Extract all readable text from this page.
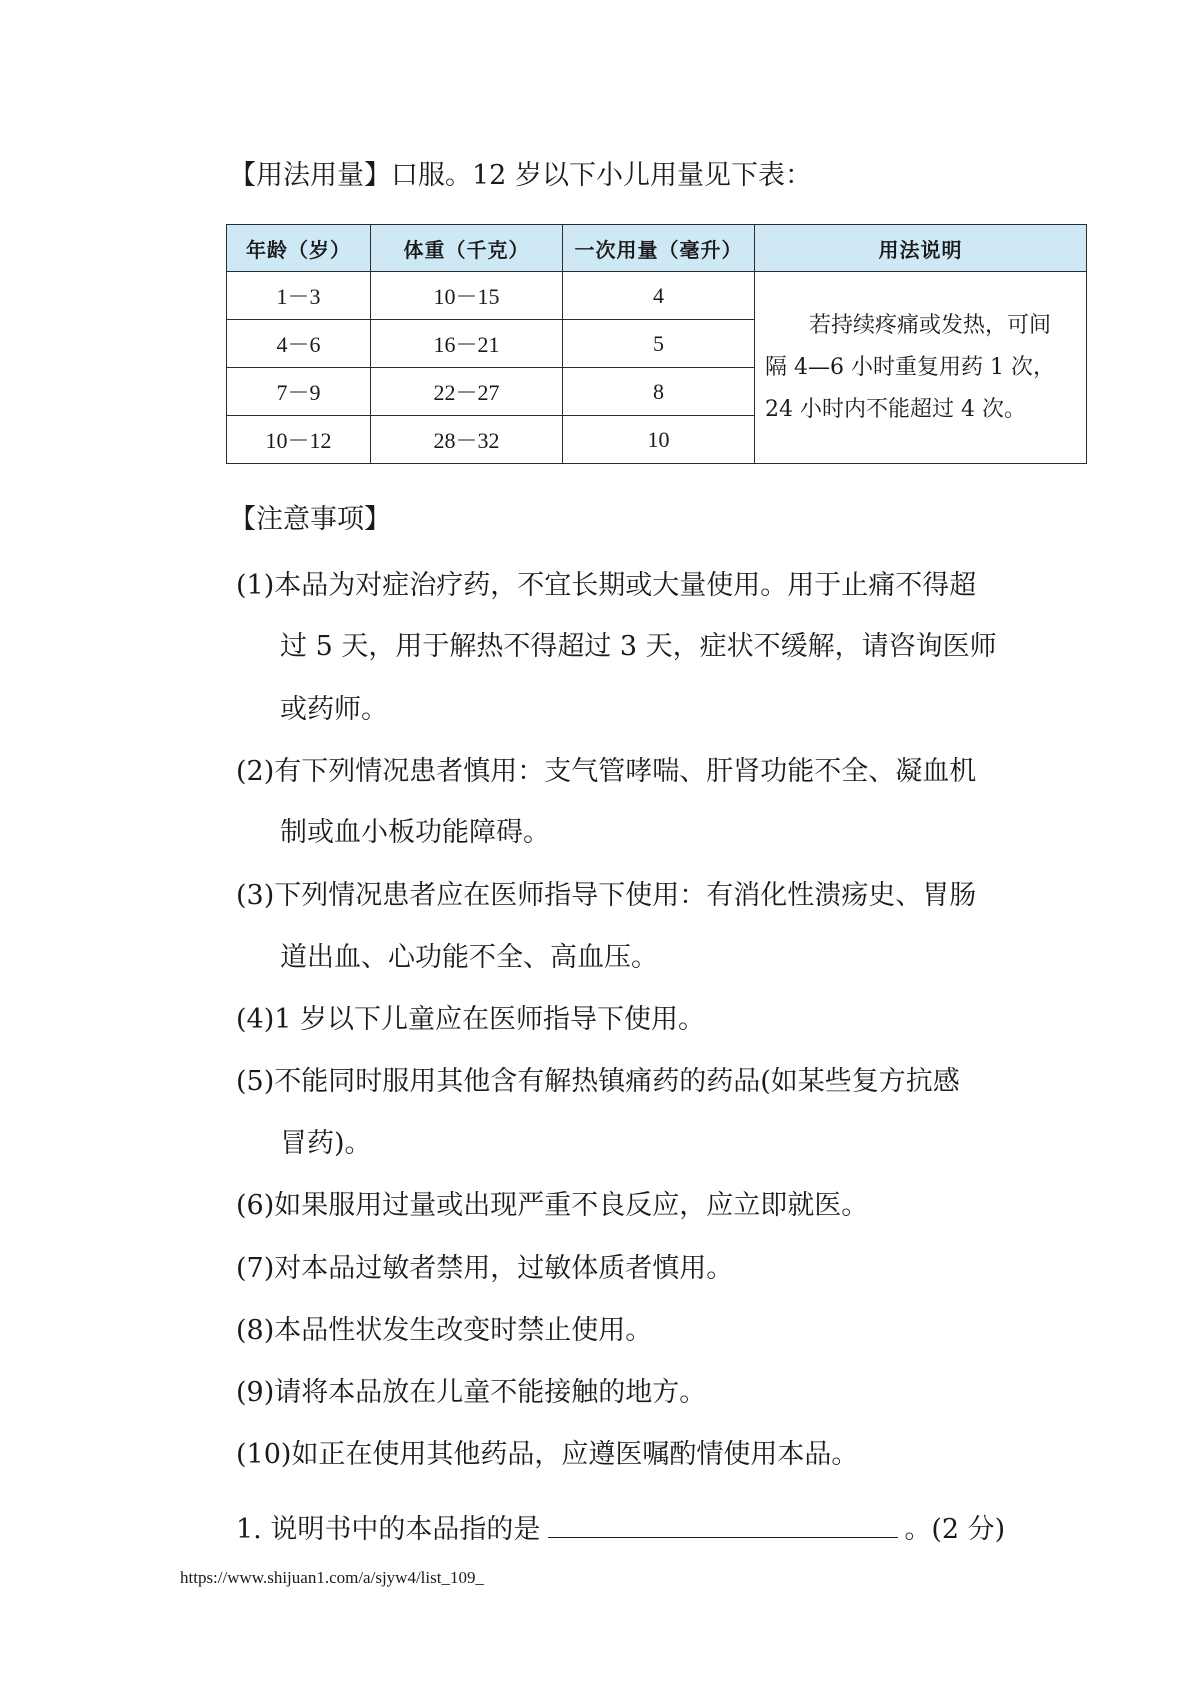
【用法用量】口服。12 岁以下小儿用量见下表：
年龄（岁）	体重（千克）	一次用量（毫升）	用法说明
1－3	10－15	4	若持续疼痛或发热，可间
隔 4—6 小时重复用药 1 次，
24 小时内不能超过 4 次。

4－6	16－21	5	
7－9	22－27	8	
10－12	28－32	10	
【注意事项】
(1)本品为对症治疗药，不宜长期或大量使用。用于止痛不得超
过 5 天，用于解热不得超过 3 天，症状不缓解，请咨询医师
或药师。
(2)有下列情况患者慎用：支气管哮喘、肝肾功能不全、凝血机
制或血小板功能障碍。
(3)下列情况患者应在医师指导下使用：有消化性溃疡史、胃肠
道出血、心功能不全、高血压。
(4)1 岁以下儿童应在医师指导下使用。
(5)不能同时服用其他含有解热镇痛药的药品(如某些复方抗感
冒药)。
(6)如果服用过量或出现严重不良反应，应立即就医。
(7)对本品过敏者禁用，过敏体质者慎用。
(8)本品性状发生改变时禁止使用。
(9)请将本品放在儿童不能接触的地方。
(10)如正在使用其他药品，应遵医嘱酌情使用本品。
1. 说明书中的本品指的是	。(2 分)
https://www.shijuan1.com/a/sjyw4/list_109_
